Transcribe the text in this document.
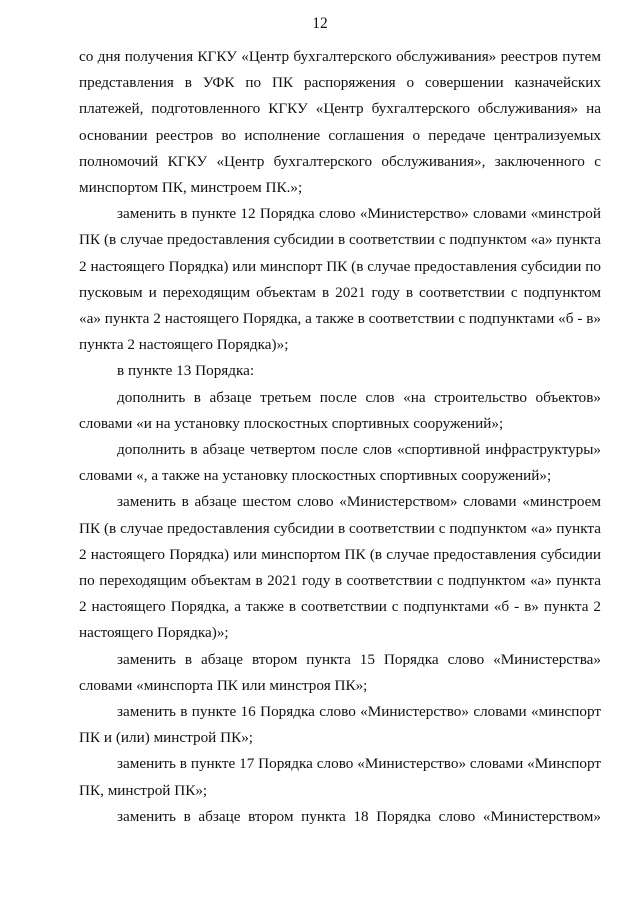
12

со дня получения КГКУ «Центр бухгалтерского обслуживания» реестров путем представления в УФК по ПК распоряжения о совершении казначейских платежей, подготовленного КГКУ «Центр бухгалтерского обслуживания» на основании реестров во исполнение соглашения о передаче централизуемых полномочий КГКУ «Центр бухгалтерского обслуживания», заключенного с минспортом ПК, минстроем ПК.»;

заменить в пункте 12 Порядка слово «Министерство» словами «минстрой ПК (в случае предоставления субсидии в соответствии с подпунктом «а» пункта 2 настоящего Порядка) или минспорт ПК (в случае предоставления субсидии по пусковым и переходящим объектам в 2021 году в соответствии с подпунктом «а» пункта 2 настоящего Порядка, а также в соответствии с подпунктами «б - в» пункта 2 настоящего Порядка)»;

в пункте 13 Порядка:

дополнить в абзаце третьем после слов «на строительство объектов» словами «и на установку плоскостных спортивных сооружений»;

дополнить в абзаце четвертом после слов «спортивной инфраструктуры» словами «, а также на установку плоскостных спортивных сооружений»;

заменить в абзаце шестом слово «Министерством» словами «минстроем ПК (в случае предоставления субсидии в соответствии с подпунктом «а» пункта 2 настоящего Порядка) или минспортом ПК (в случае предоставления субсидии по переходящим объектам в 2021 году в соответствии с подпунктом «а» пункта 2 настоящего Порядка, а также в соответствии с подпунктами «б - в» пункта 2 настоящего Порядка)»;

заменить в абзаце втором пункта 15 Порядка слово «Министерства» словами «минспорта ПК или минстроя ПК»;

заменить в пункте 16 Порядка слово «Министерство» словами «минспорт ПК и (или) минстрой ПК»;

заменить в пункте 17 Порядка слово «Министерство» словами «Минспорт ПК, минстрой ПК»;

заменить в абзаце втором пункта 18 Порядка слово «Министерством»
